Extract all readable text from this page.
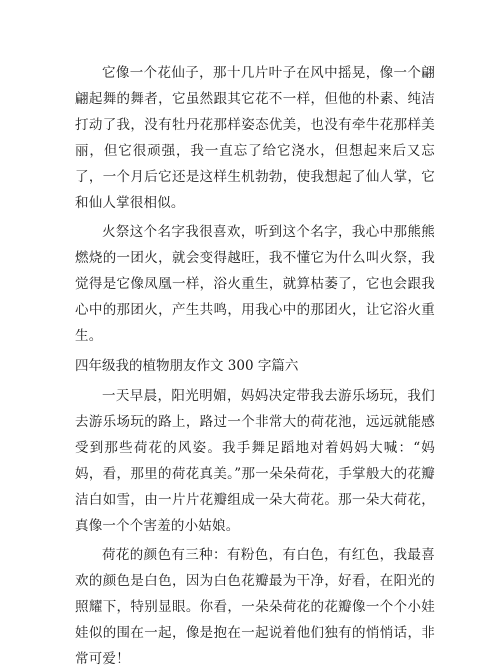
它像一个花仙子，那十几片叶子在风中摇晃，像一个翩翩起舞的舞者，它虽然跟其它花不一样，但他的朴素、纯洁打动了我，没有牡丹花那样姿态优美，也没有牵牛花那样美丽，但它很顽强，我一直忘了给它浇水，但想起来后又忘了，一个月后它还是这样生机勃勃，使我想起了仙人掌，它和仙人掌很相似。

火祭这个名字我很喜欢，听到这个名字，我心中那熊熊燃烧的一团火，就会变得越旺，我不懂它为什么叫火祭，我觉得是它像凤凰一样，浴火重生，就算枯萎了，它也会跟我心中的那团火，产生共鸣，用我心中的那团火，让它浴火重生。

四年级我的植物朋友作文 300 字篇六

一天早晨，阳光明媚，妈妈决定带我去游乐场玩，我们去游乐场玩的路上，路过一个非常大的荷花池，远远就能感受到那些荷花的风姿。我手舞足蹈地对着妈妈大喊：“妈妈，看，那里的荷花真美。”那一朵朵荷花，手掌般大的花瓣洁白如雪，由一片片花瓣组成一朵大荷花。那一朵大荷花，真像一个个害羞的小姑娘。

荷花的颜色有三种：有粉色，有白色，有红色，我最喜欢的颜色是白色，因为白色花瓣最为干净，好看，在阳光的照耀下，特别显眼。你看，一朵朵荷花的花瓣像一个个小娃娃似的围在一起，像是抱在一起说着他们独有的悄悄话，非常可爱！
